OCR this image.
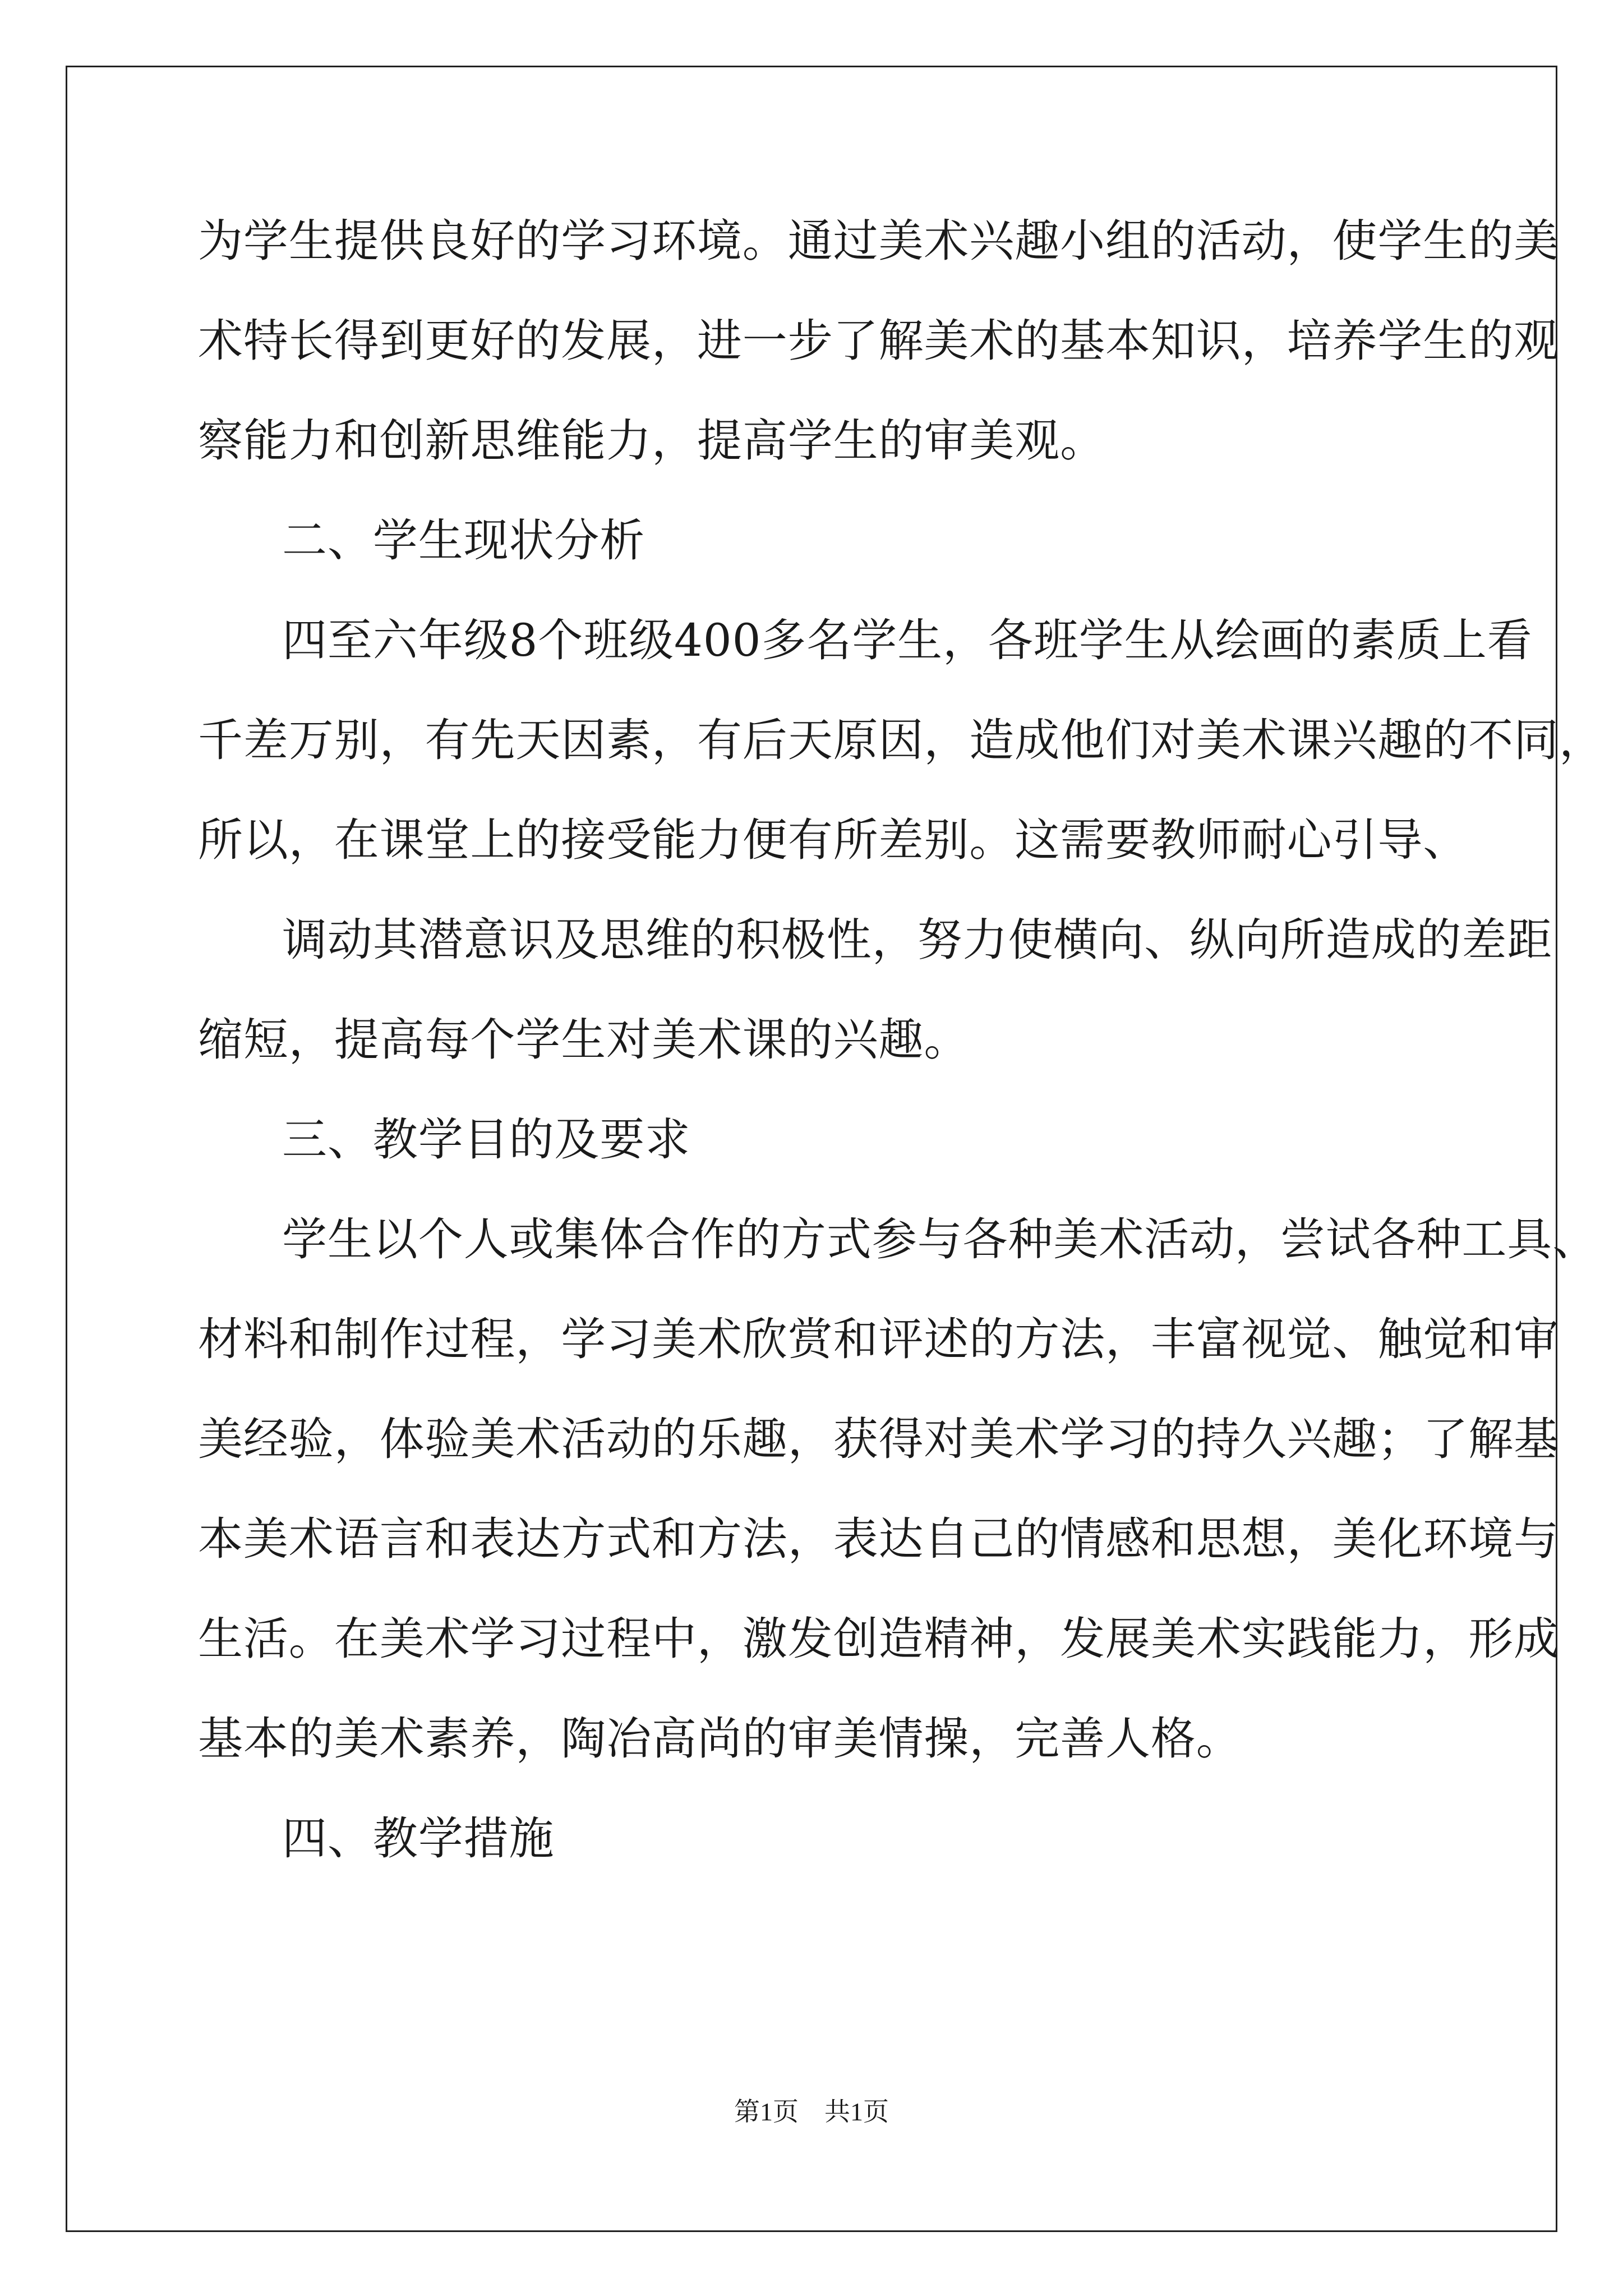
为学生提供良好的学习环境。通过美术兴趣小组的活动，使学生的美
术特长得到更好的发展，进一步了解美术的基本知识，培养学生的观
察能力和创新思维能力，提高学生的审美观。
二、学生现状分析
四至六年级8个班级400多名学生，各班学生从绘画的素质上看
千差万别，有先天因素，有后天原因，造成他们对美术课兴趣的不同，
所以，在课堂上的接受能力便有所差别。这需要教师耐心引导、
调动其潜意识及思维的积极性，努力使横向、纵向所造成的差距
缩短，提高每个学生对美术课的兴趣。
三、教学目的及要求
学生以个人或集体合作的方式参与各种美术活动，尝试各种工具、
材料和制作过程，学习美术欣赏和评述的方法，丰富视觉、触觉和审
美经验，体验美术活动的乐趣，获得对美术学习的持久兴趣；了解基
本美术语言和表达方式和方法，表达自己的情感和思想，美化环境与
生活。在美术学习过程中，激发创造精神，发展美术实践能力，形成
基本的美术素养，陶冶高尚的审美情操，完善人格。
四、教学措施
第1页　共1页
